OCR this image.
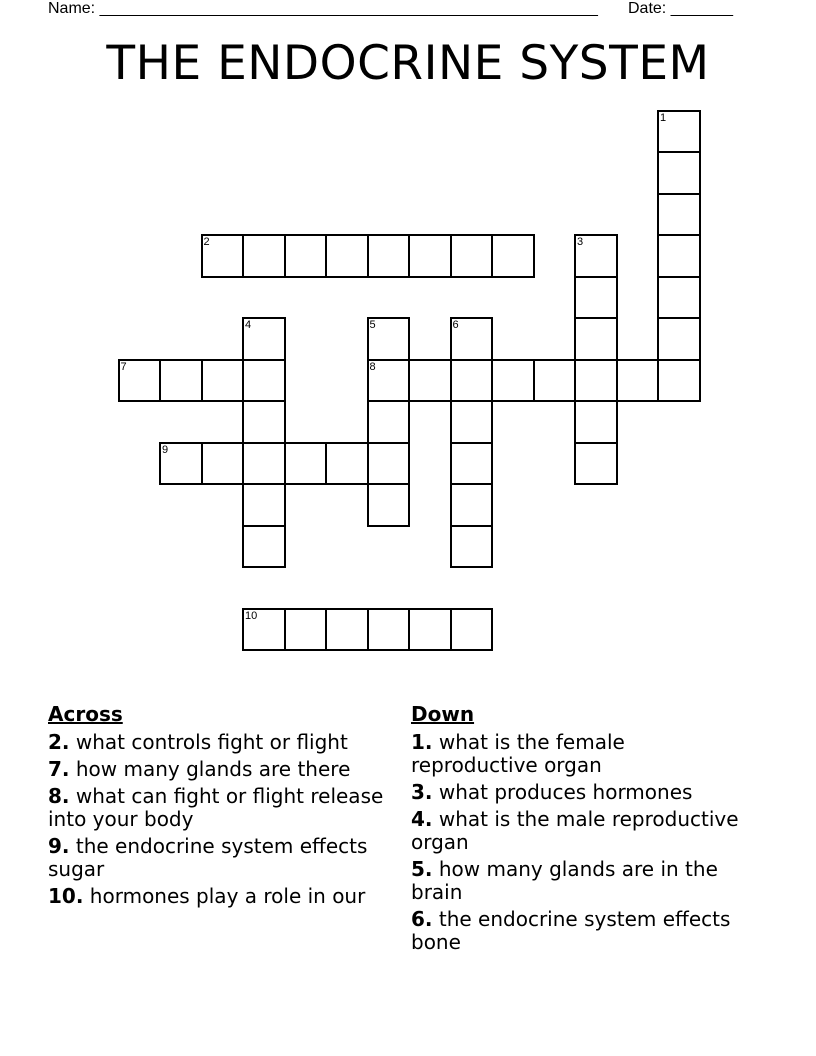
Name: ________________________________________________________ Date: _______
THE ENDOCRINE SYSTEM
1
2	3
4	5
8
6
7
9
10
Across
2. what controls fight or flight
7. how many glands are there
8. what can fight or flight release into your body
9. the endocrine system effects sugar
10. hormones play a role in our
Down
1. what is the female reproductive organ
3. what produces hormones
4. what is the male reproductive organ
5. how many glands are in the brain
6. the endocrine system effects bone
